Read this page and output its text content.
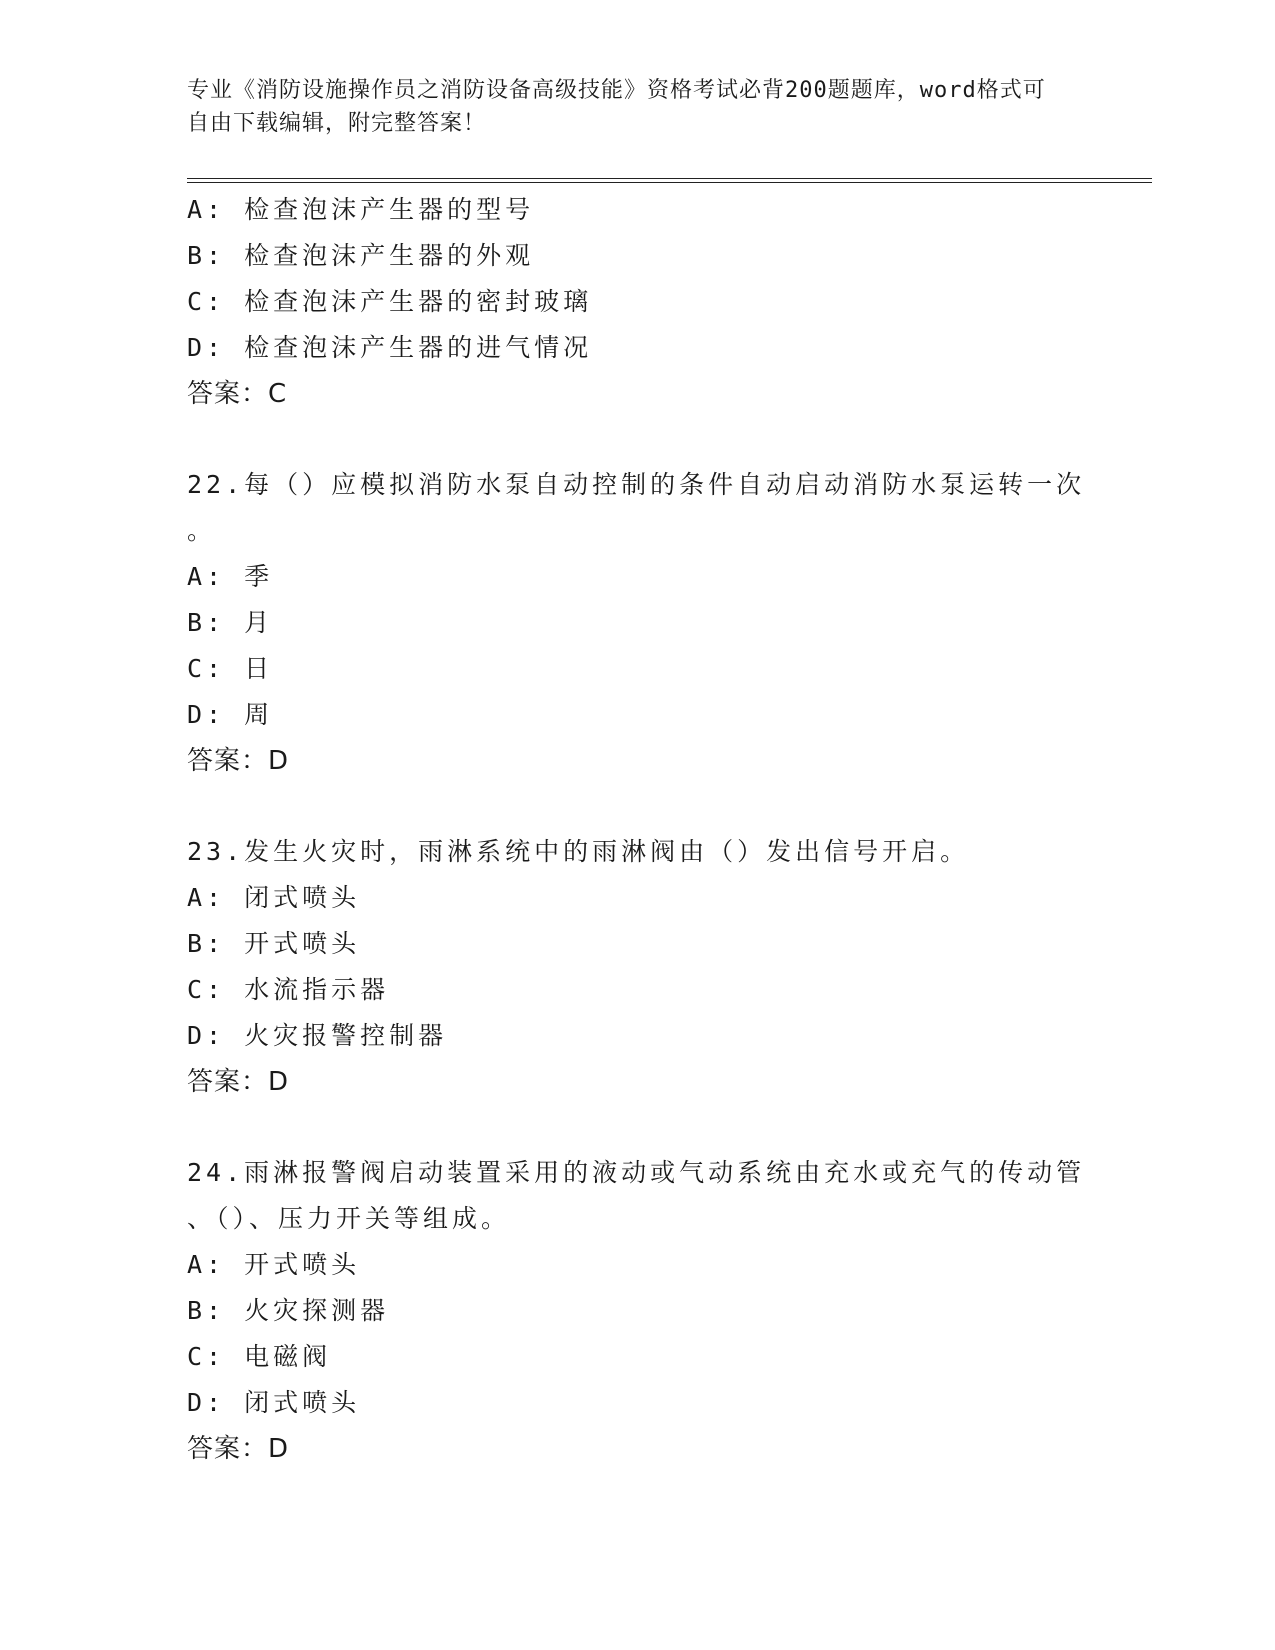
专业《消防设施操作员之消防设备高级技能》资格考试必背200题题库，word格式可自由下载编辑，附完整答案！
A: 检查泡沫产生器的型号
B: 检查泡沫产生器的外观
C: 检查泡沫产生器的密封玻璃
D: 检查泡沫产生器的进气情况
答案：C
22.每（）应模拟消防水泵自动控制的条件自动启动消防水泵运转一次
。
A: 季
B: 月
C: 日
D: 周
答案：D
23.发生火灾时，雨淋系统中的雨淋阀由（）发出信号开启。
A: 闭式喷头
B: 开式喷头
C: 水流指示器
D: 火灾报警控制器
答案：D
24.雨淋报警阀启动装置采用的液动或气动系统由充水或充气的传动管
、（）、压力开关等组成。
A: 开式喷头
B: 火灾探测器
C: 电磁阀
D: 闭式喷头
答案：D
